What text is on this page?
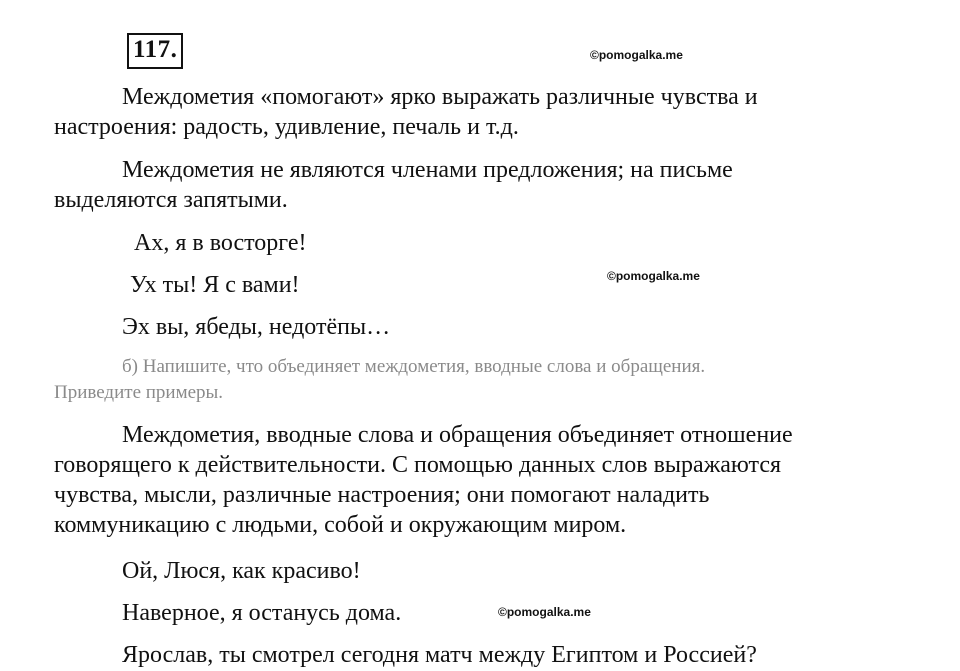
117.	©pomogalka.me
Междометия «помогают» ярко выражать различные чувства и
настроения: радость, удивление, печаль и т.д.
Междометия не являются членами предложения; на письме
выделяются запятыми.
Ах, я в восторге!
Ух ты! Я с вами!	©pomogalka.me
Эх вы, ябеды, недотёпы…
б) Напишите, что объединяет междометия, вводные слова и обращения.
Приведите примеры.
Междометия, вводные слова и обращения объединяет отношение
говорящего к действительности. С помощью данных слов выражаются
чувства, мысли, различные настроения; они помогают наладить
коммуникацию с людьми, собой и окружающим миром.
Ой, Люся, как красиво!
Наверное, я останусь дома.	©pomogalka.me
Ярослав, ты смотрел сегодня матч между Египтом и Россией?
